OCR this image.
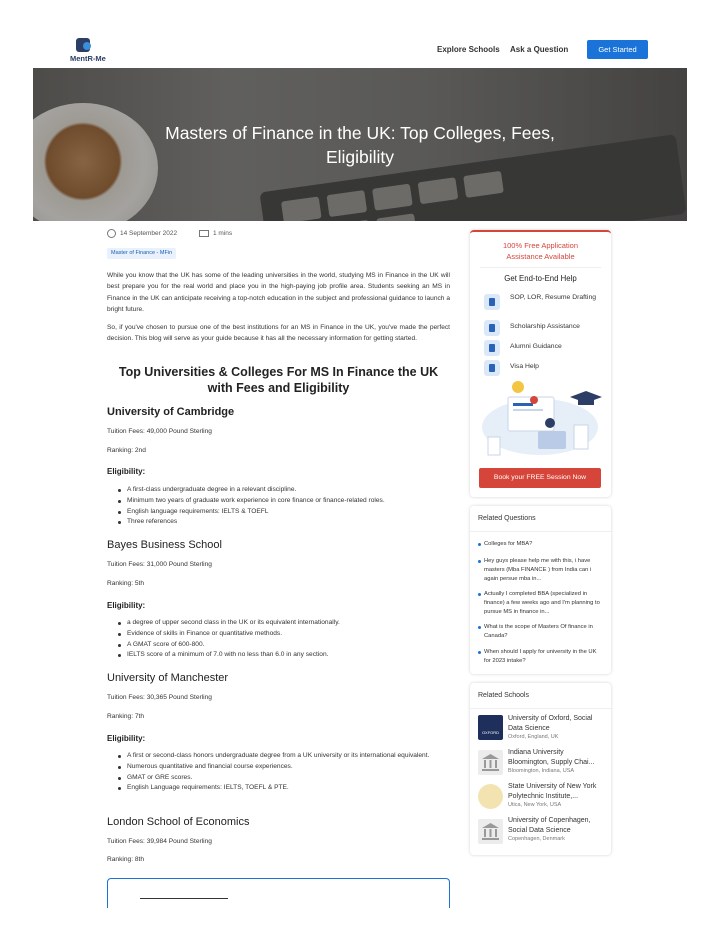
MentR-Me
Explore Schools Ask a Question	Get Started
Masters of Finance in the UK: Top Colleges, Fees,
Eligibility
14 September 2022	1 mins
Master of Finance - MFin
While you know that the UK has some of the leading universities in the world, studying MS in Finance in the UK will best prepare you for the real world and place you in the high-paying job profile area. Students seeking an MS in Finance in the UK can anticipate receiving a top-notch education in the subject and professional guidance to launch a bright future.
So, if you've chosen to pursue one of the best institutions for an MS in Finance in the UK, you've made the perfect decision. This blog will serve as your guide because it has all the necessary information for getting started.
Top Universities & Colleges For MS In Finance the UK
with Fees and Eligibility
University of Cambridge
Tuition Fees: 49,000 Pound Sterling
Ranking: 2nd
Eligibility:
A first-class undergraduate degree in a relevant discipline.
Minimum two years of graduate work experience in core finance or finance-related roles.
English language requirements: IELTS & TOEFL
Three references
Bayes Business School
Tuition Fees: 31,000 Pound Sterling
Ranking: 5th
Eligibility:
a degree of upper second class in the UK or its equivalent internationally.
Evidence of skills in Finance or quantitative methods.
A GMAT score of 600-800.
IELTS score of a minimum of 7.0 with no less than 6.0 in any section.
University of Manchester
Tuition Fees: 30,365 Pound Sterling
Ranking: 7th
Eligibility:
A first or second-class honors undergraduate degree from a UK university or its international equivalent.
Numerous quantitative and financial course experiences.
GMAT or GRE scores.
English Language requirements: IELTS, TOEFL & PTE.
London School of Economics
Tuition Fees: 39,984 Pound Sterling
Ranking: 8th
100% Free Application
Assistance Available
Get End-to-End Help
SOP, LOR, Resume Drafting
Scholarship Assistance
Alumni Guidance
Visa Help
Book your FREE Session Now
Related Questions
Colleges for MBA?
Hey guys please help me with this, i have masters (Mba FINANCE ) from India can i again persue mba in...
Actually I completed BBA (specialized in finance) a few weeks ago and I'm planning to pursue MS in finance in...
What is the scope of Masters Of finance in Canada?
When should I apply for university in the UK for 2023 intake?
Related Schools
OXFORD
University of Oxford, Social Data Science
Oxford, England, UK
Indiana University Bloomington, Supply Chai...
Bloomington, Indiana, USA
State University of New York Polytechnic Institute,...
Utica, New York, USA
University of Copenhagen, Social Data Science
Copenhagen, Denmark
